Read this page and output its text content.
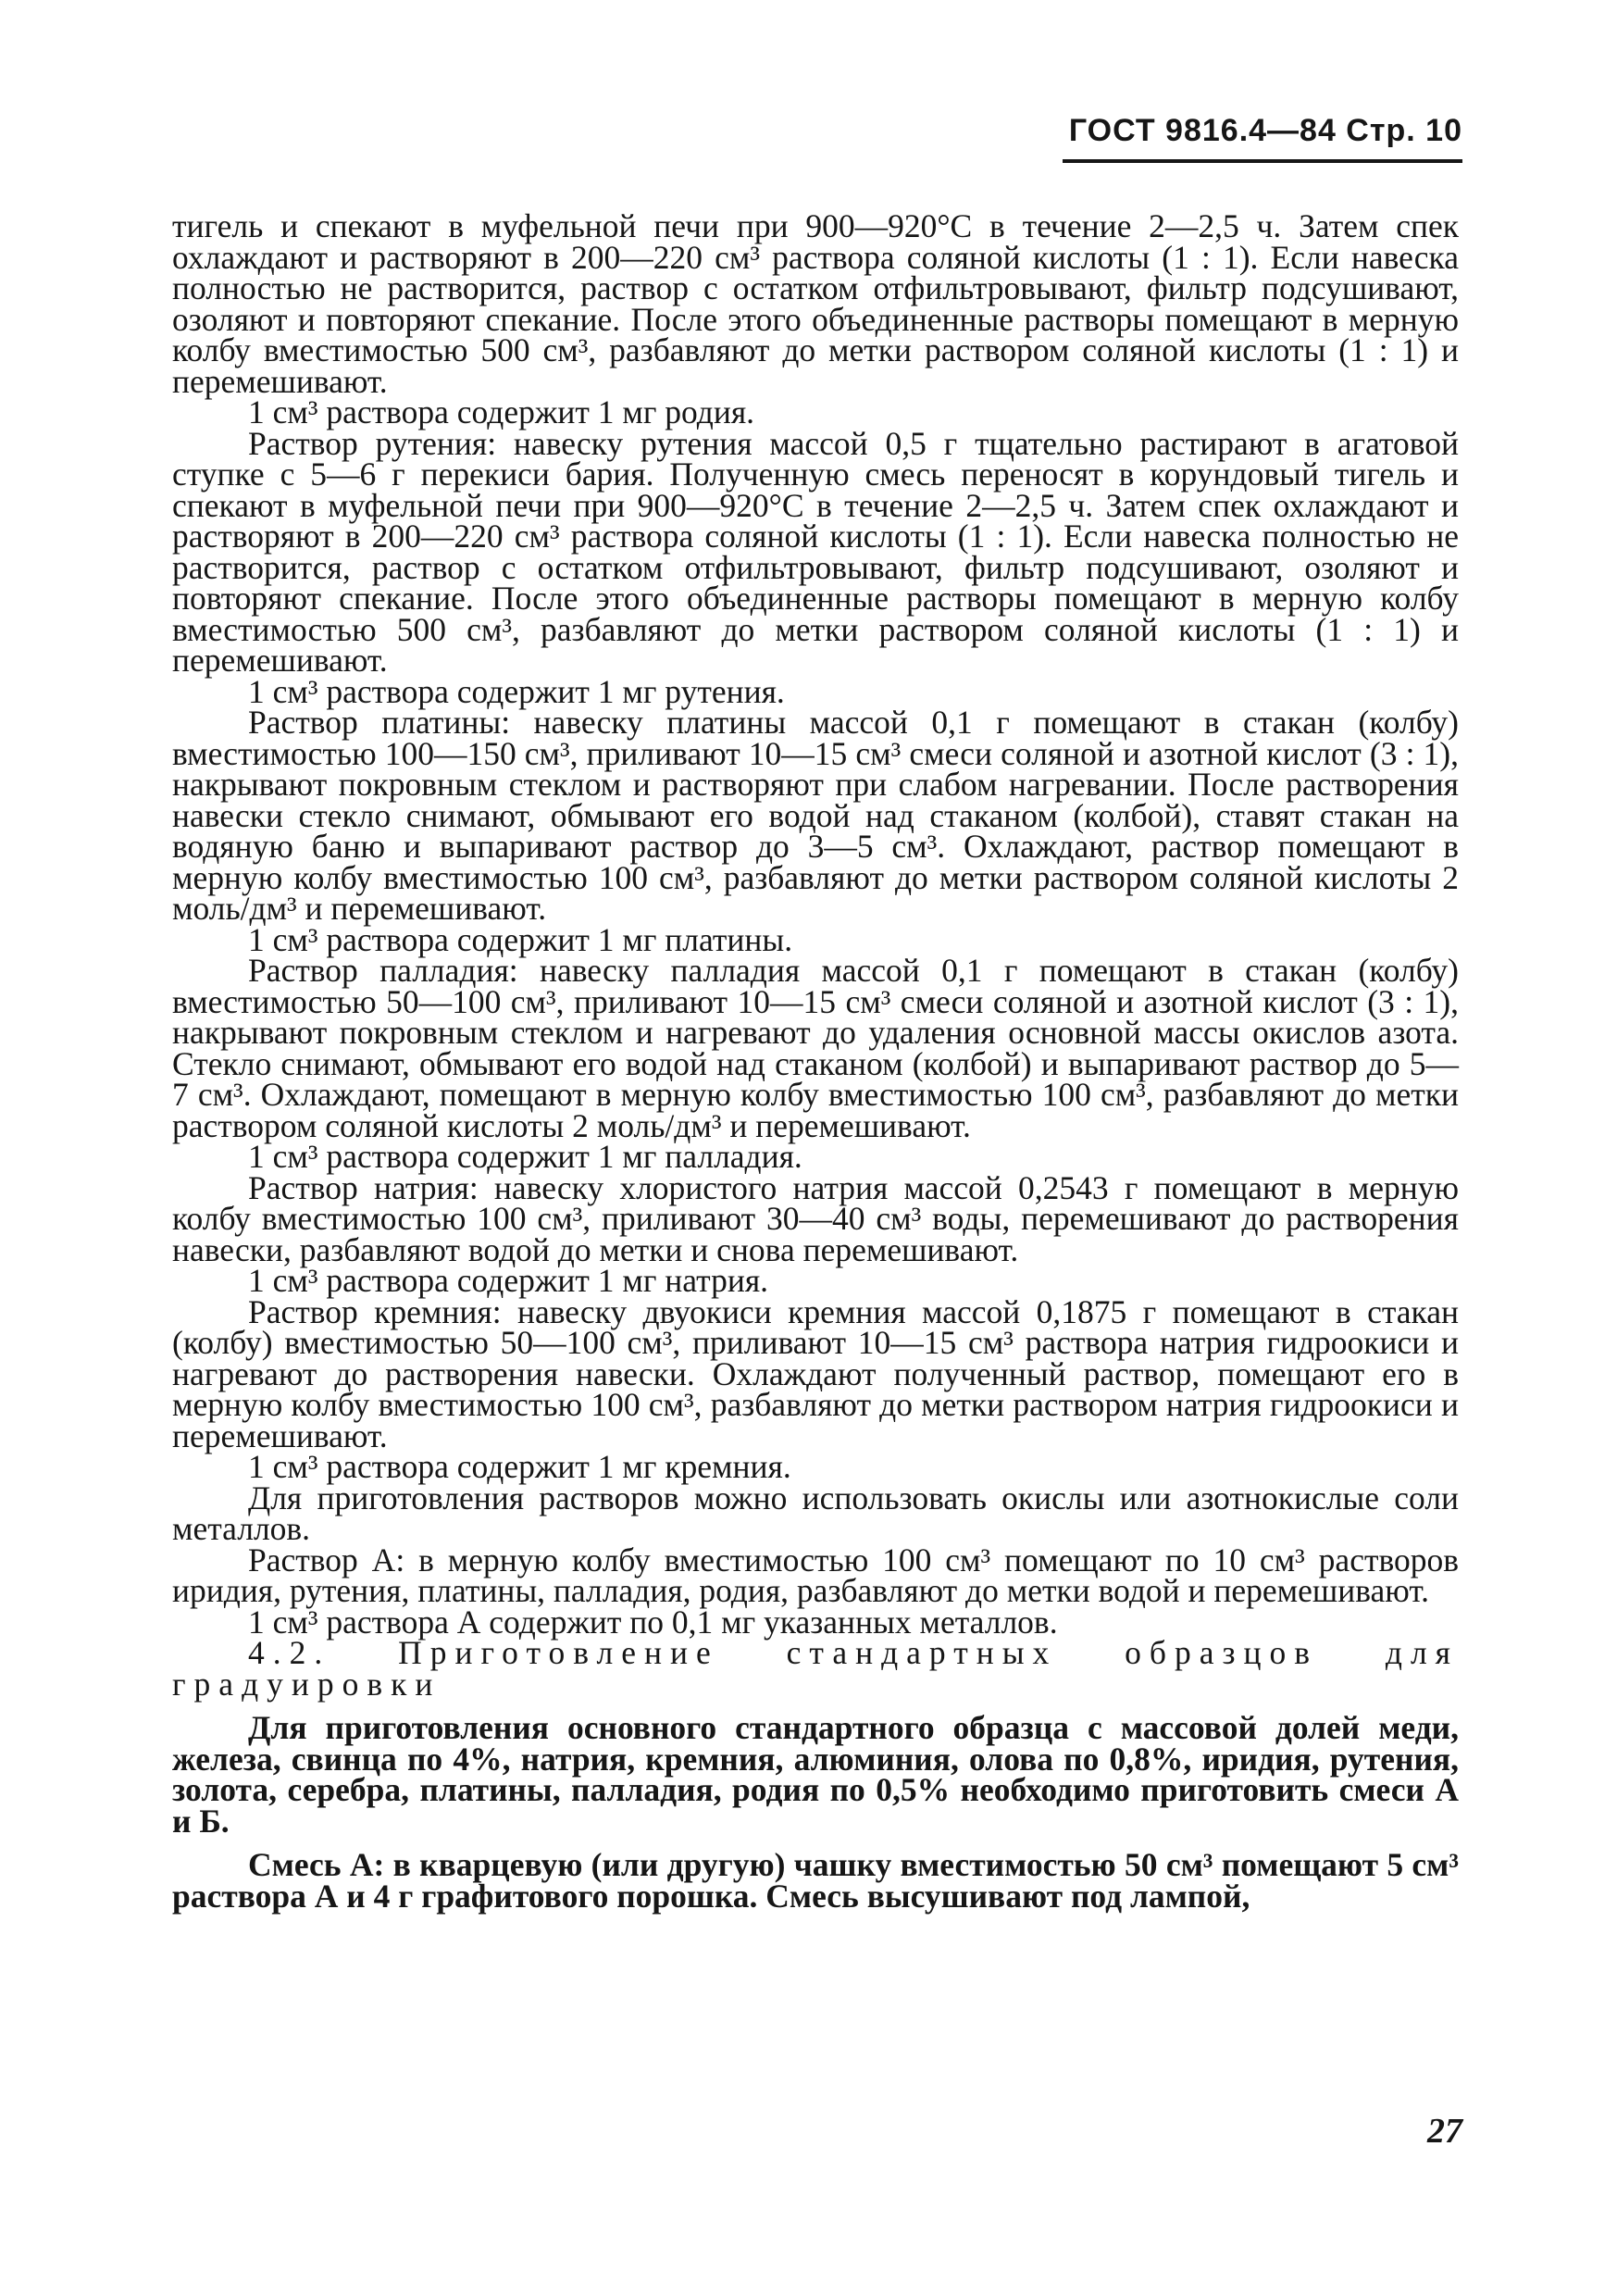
ГОСТ 9816.4—84 Стр. 10

тигель и спекают в муфельной печи при 900—920°С в течение 2—2,5 ч. Затем спек охлаждают и растворяют в 200—220 см³ раствора соляной кислоты (1 : 1). Если навеска полностью не растворится, раствор с остатком отфильтровывают, фильтр подсушивают, озоляют и повторяют спекание. После этого объединенные растворы помещают в мерную колбу вместимостью 500 см³, разбавляют до метки раствором соляной кислоты (1 : 1) и перемешивают.

1 см³ раствора содержит 1 мг родия.

Раствор рутения: навеску рутения массой 0,5 г тщательно растирают в агатовой ступке с 5—6 г перекиси бария. Полученную смесь переносят в корундовый тигель и спекают в муфельной печи при 900—920°С в течение 2—2,5 ч. Затем спек охлаждают и растворяют в 200—220 см³ раствора соляной кислоты (1 : 1). Если навеска полностью не растворится, раствор с остатком отфильтровывают, фильтр подсушивают, озоляют и повторяют спекание. После этого объединенные растворы помещают в мерную колбу вместимостью 500 см³, разбавляют до метки раствором соляной кислоты (1 : 1) и перемешивают.

1 см³ раствора содержит 1 мг рутения.

Раствор платины: навеску платины массой 0,1 г помещают в стакан (колбу) вместимостью 100—150 см³, приливают 10—15 см³ смеси соляной и азотной кислот (3 : 1), накрывают покровным стеклом и растворяют при слабом нагревании. После растворения навески стекло снимают, обмывают его водой над стаканом (колбой), ставят стакан на водяную баню и выпаривают раствор до 3—5 см³. Охлаждают, раствор помещают в мерную колбу вместимостью 100 см³, разбавляют до метки раствором соляной кислоты 2 моль/дм³ и перемешивают.

1 см³ раствора содержит 1 мг платины.

Раствор палладия: навеску палладия массой 0,1 г помещают в стакан (колбу) вместимостью 50—100 см³, приливают 10—15 см³ смеси соляной и азотной кислот (3 : 1), накрывают покровным стеклом и нагревают до удаления основной массы окислов азота. Стекло снимают, обмывают его водой над стаканом (колбой) и выпаривают раствор до 5—7 см³. Охлаждают, помещают в мерную колбу вместимостью 100 см³, разбавляют до метки раствором соляной кислоты 2 моль/дм³ и перемешивают.

1 см³ раствора содержит 1 мг палладия.

Раствор натрия: навеску хлористого натрия массой 0,2543 г помещают в мерную колбу вместимостью 100 см³, приливают 30—40 см³ воды, перемешивают до растворения навески, разбавляют водой до метки и снова перемешивают.

1 см³ раствора содержит 1 мг натрия.

Раствор кремния: навеску двуокиси кремния массой 0,1875 г помещают в стакан (колбу) вместимостью 50—100 см³, приливают 10—15 см³ раствора натрия гидроокиси и нагревают до растворения навески. Охлаждают полученный раствор, помещают его в мерную колбу вместимостью 100 см³, разбавляют до метки раствором натрия гидроокиси и перемешивают.

1 см³ раствора содержит 1 мг кремния.

Для приготовления растворов можно использовать окислы или азотнокислые соли металлов.

Раствор А: в мерную колбу вместимостью 100 см³ помещают по 10 см³ растворов иридия, рутения, платины, палладия, родия, разбавляют до метки водой и перемешивают.

1 см³ раствора А содержит по 0,1 мг указанных металлов.

4.2. Приготовление стандартных образцов для градуировки

Для приготовления основного стандартного образца с массовой долей меди, железа, свинца по 4%, натрия, кремния, алюминия, олова по 0,8%, иридия, рутения, золота, серебра, платины, палладия, родия по 0,5% необходимо приготовить смеси А и Б.

Смесь А: в кварцевую (или другую) чашку вместимостью 50 см³ помещают 5 см³ раствора А и 4 г графитового порошка. Смесь высушивают под лампой,

27
